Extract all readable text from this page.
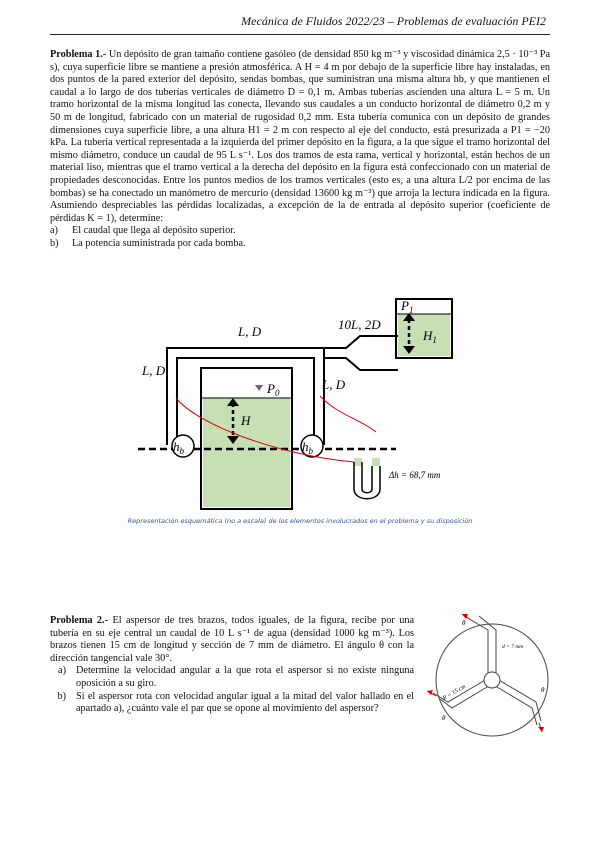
Mecánica de Fluidos 2022/23 – Problemas de evaluación PEI2
Problema 1.- Un depósito de gran tamaño contiene gasóleo (de densidad 850 kg m⁻³ y viscosidad dinámica 2,5 · 10⁻³ Pa s), cuya superficie libre se mantiene a presión atmosférica. A H = 4 m por debajo de la superficie libre hay instaladas, en dos puntos de la pared exterior del depósito, sendas bombas, que suministran una misma altura hb, y que mantienen el caudal a lo largo de dos tuberías verticales de diámetro D = 0,1 m. Ambas tuberías ascienden una altura L = 5 m. Un tramo horizontal de la misma longitud las conecta, llevando sus caudales a un conducto horizontal de diámetro 0,2 m y 50 m de longitud, fabricado con un material de rugosidad 0,2 mm. Esta tubería comunica con un depósito de grandes dimensiones cuya superficie libre, a una altura H1 = 2 m con respecto al eje del conducto, está presurizada a P1 = −20 kPa. La tubería vertical representada a la izquierda del primer depósito en la figura, a la que sigue el tramo horizontal del mismo diámetro, conduce un caudal de 95 L s⁻¹. Los dos tramos de esta rama, vertical y horizontal, están hechos de un material liso, mientras que el tramo vertical a la derecha del depósito en la figura está confeccionado con un material de propiedades desconocidas. Entre los puntos medios de los tramos verticales (esto es, a una altura L/2 por encima de las bombas) se ha conectado un manómetro de mercurio (densidad 13600 kg m⁻³) que arroja la lectura indicada en la figura. Asumiendo despreciables las pérdidas localizadas, a excepción de la de entrada al depósito superior (coeficiente de pérdidas K = 1), determine:
a)	El caudal que llega al depósito superior.
b)	La potencia suministrada por cada bomba.
$P_0$
H
L, D	10L, 2D
L, D
L, D
$P_1$
$H_1$
$h_b$	$h_b$
Δh = 68,7 mm
Representación esquemática (no a escala) de los elementos involucrados en el problema y su disposición
Problema 2.- El aspersor de tres brazos, todos iguales, de la figura, recibe por una tubería en su eje central un caudal de 10 L s⁻¹ de agua (densidad 1000 kg m⁻³). Los brazos tienen 15 cm de longitud y sección de 7 mm de diámetro. El ángulo θ con la dirección tangencial vale 30°.
a) Determine la velocidad angular a la que rota el aspersor si no existe ninguna oposición a su giro.
b) Si el aspersor rota con velocidad angular igual a la mitad del valor hallado en el apartado a), ¿cuánto vale el par que se opone al movimiento del aspersor?
θ
θ
θ
d = 7 mm
R = 15 cm
